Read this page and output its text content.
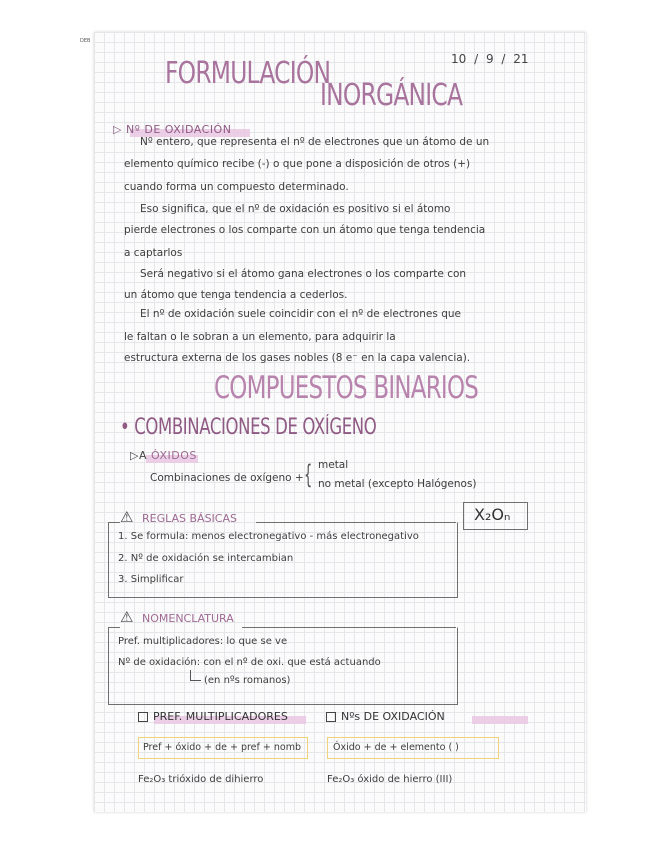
DEB
FORMULACIÓN
INORGÁNICA
10 / 9 / 21
▷ Nº DE OXIDACIÓN
Nº entero, que representa el nº de electrones que un átomo de un
elemento químico recibe (-) o que pone a disposición de otros (+)
cuando forma un compuesto determinado.
Eso significa, que el nº de oxidación es positivo si el átomo
pierde electrones o los comparte con un átomo que tenga tendencia
a captarlos
Será negativo si el átomo gana electrones o los comparte con
un átomo que tenga tendencia a cederlos.
El nº de oxidación suele coincidir con el nº de electrones que
le faltan o le sobran a un elemento, para adquirir la
estructura externa de los gases nobles (8 e⁻ en la capa valencia).
COMPUESTOS BINARIOS
• COMBINACIONES DE OXÍGENO
▷A ÓXIDOS
Combinaciones de oxígeno + { metal
no metal (excepto Halógenos)
X₂Oₙ
⚠ REGLAS BÁSICAS
1. Se formula: menos electronegativo - más electronegativo
2. Nº de oxidación se intercambian
3. Simplificar
⚠ NOMENCLATURA
Pref. multiplicadores: lo que se ve
Nº de oxidación: con el nº de oxi. que está actuando
(en nºs romanos)
PREF. MULTIPLICADORES	Nºs DE OXIDACIÓN
Pref + óxido + de + pref + nomb	Óxido + de + elemento ( )
Fe₂O₃ trióxido de dihierro	Fe₂O₃ óxido de hierro (III)
